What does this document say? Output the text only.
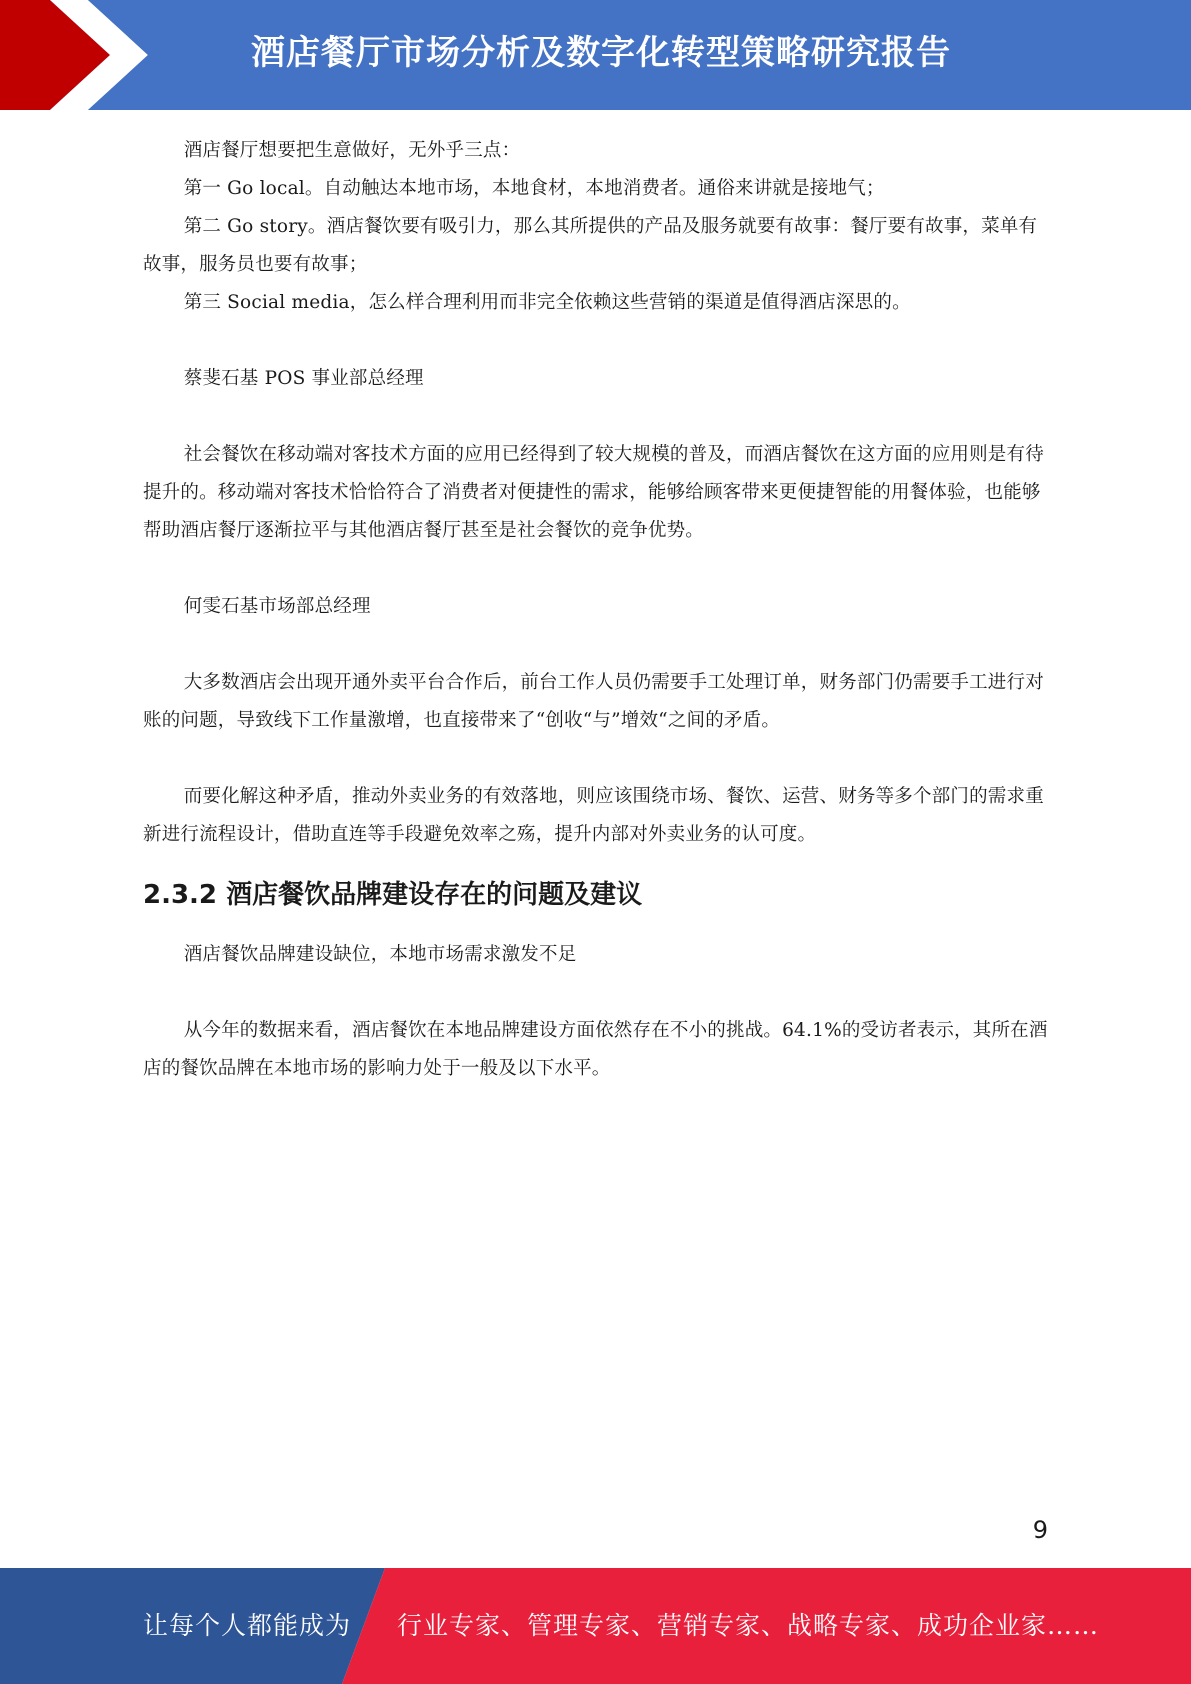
酒店餐厅市场分析及数字化转型策略研究报告

酒店餐厅想要把生意做好，无外乎三点：

第一 Go local。自动触达本地市场，本地食材，本地消费者。通俗来讲就是接地气；

第二 Go story。酒店餐饮要有吸引力，那么其所提供的产品及服务就要有故事：餐厅要有故事，菜单有故事，服务员也要有故事；

第三 Social media，怎么样合理利用而非完全依赖这些营销的渠道是值得酒店深思的。

蔡斐石基 POS 事业部总经理

社会餐饮在移动端对客技术方面的应用已经得到了较大规模的普及，而酒店餐饮在这方面的应用则是有待提升的。移动端对客技术恰恰符合了消费者对便捷性的需求，能够给顾客带来更便捷智能的用餐体验，也能够帮助酒店餐厅逐渐拉平与其他酒店餐厅甚至是社会餐饮的竞争优势。

何雯石基市场部总经理

大多数酒店会出现开通外卖平台合作后，前台工作人员仍需要手工处理订单，财务部门仍需要手工进行对账的问题，导致线下工作量激增，也直接带来了“创收“与”增效“之间的矛盾。

而要化解这种矛盾，推动外卖业务的有效落地，则应该围绕市场、餐饮、运营、财务等多个部门的需求重新进行流程设计，借助直连等手段避免效率之殇，提升内部对外卖业务的认可度。

2.3.2 酒店餐饮品牌建设存在的问题及建议

酒店餐饮品牌建设缺位，本地市场需求激发不足

从今年的数据来看，酒店餐饮在本地品牌建设方面依然存在不小的挑战。64.1%的受访者表示，其所在酒店的餐饮品牌在本地市场的影响力处于一般及以下水平。

9
让每个人都能成为 行业专家、管理专家、营销专家、战略专家、成功企业家……
